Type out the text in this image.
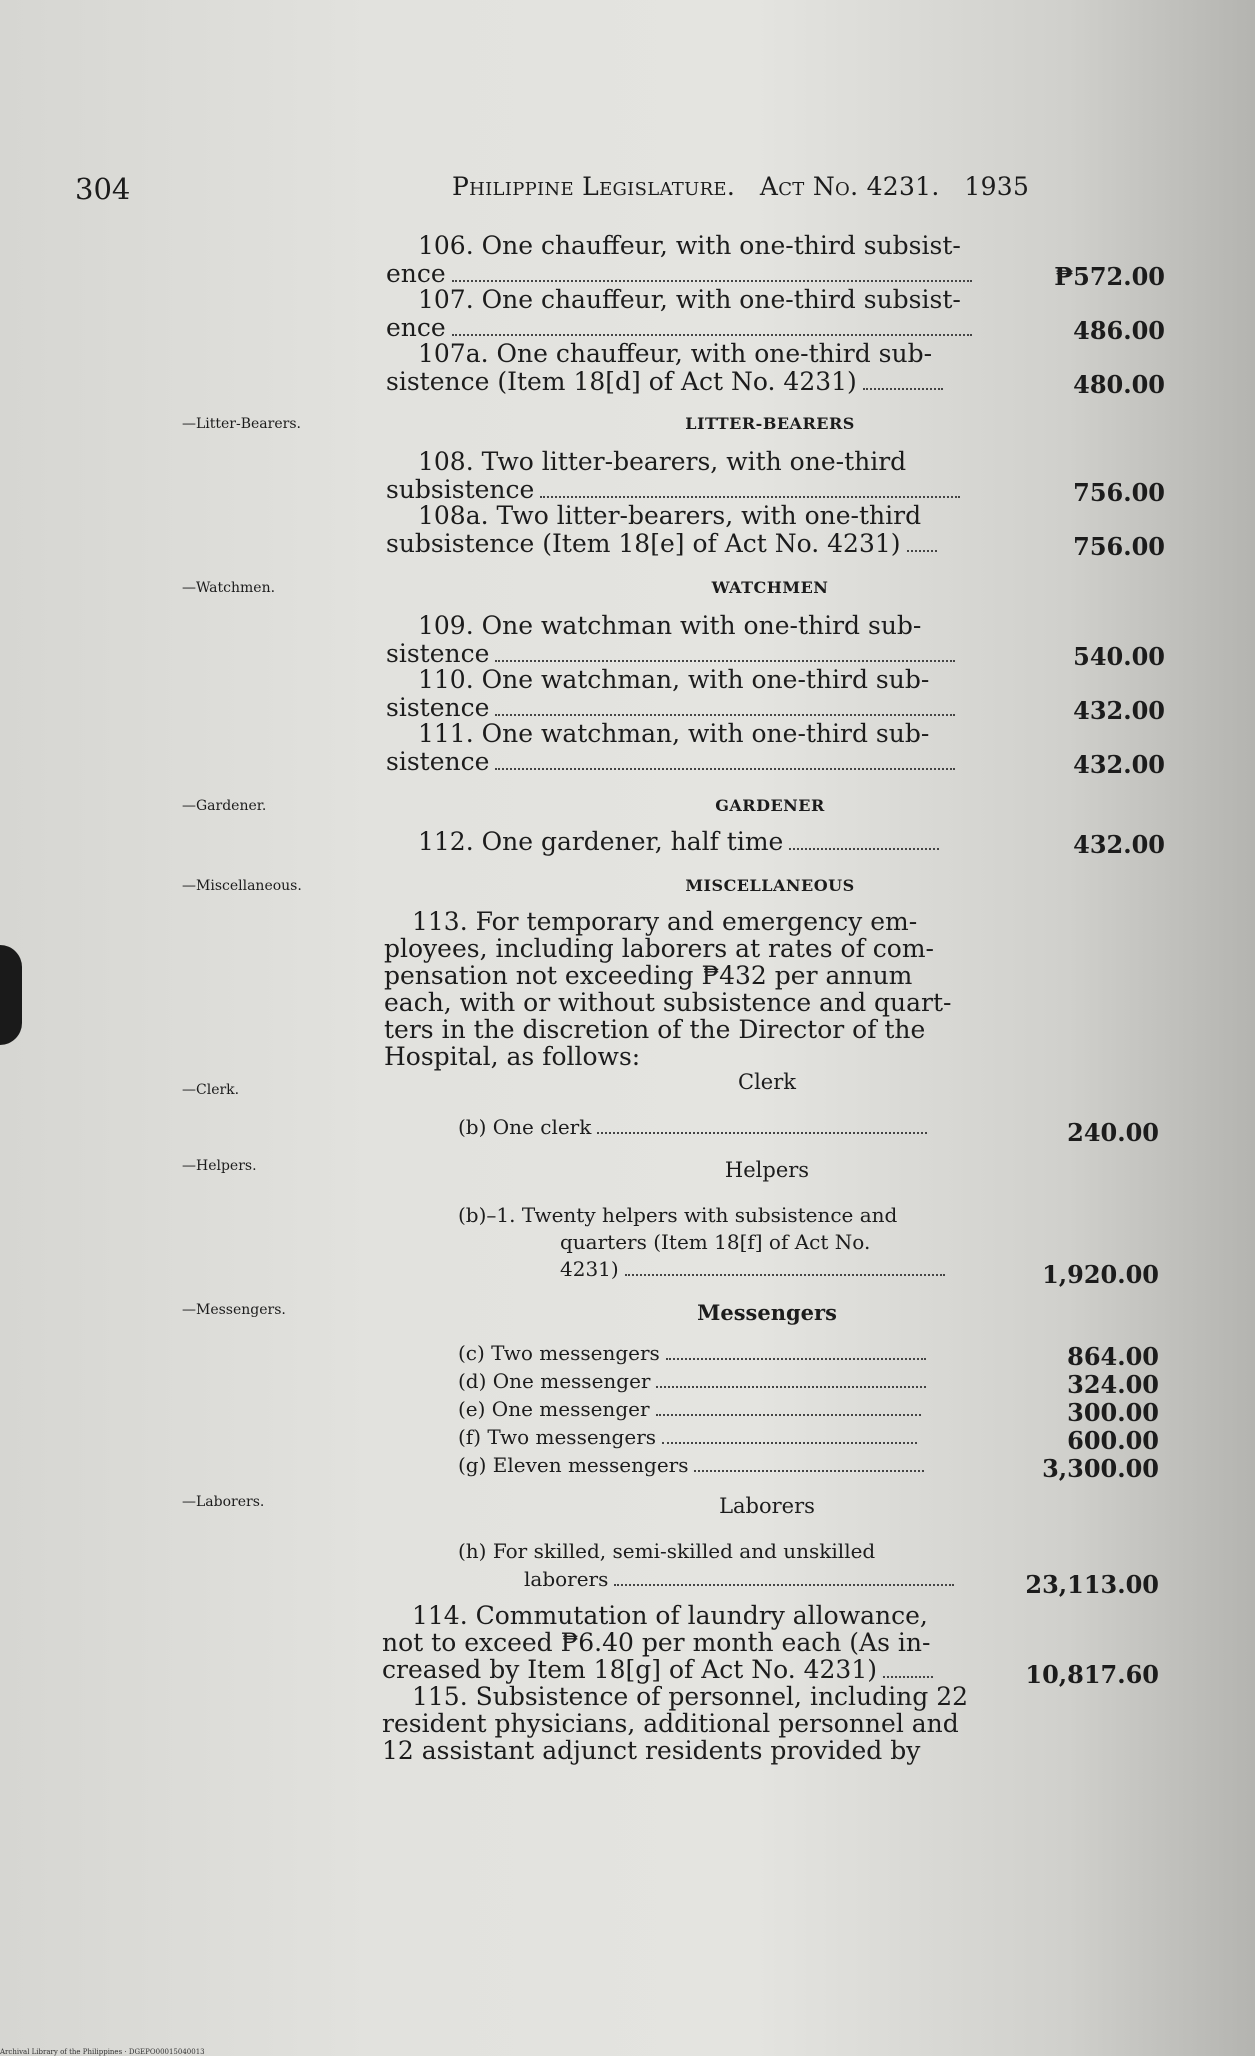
304	Philippine Legislature. Act No. 4231. 1935
106. One chauffeur, with one-third subsist-
ence	₱572.00
107. One chauffeur, with one-third subsist-
ence	486.00
107a. One chauffeur, with one-third sub-
sistence (Item 18[d] of Act No. 4231)	480.00
—Litter-Bearers.	LITTER-BEARERS
108. Two litter-bearers, with one-third
subsistence	756.00
108a. Two litter-bearers, with one-third
subsistence (Item 18[e] of Act No. 4231)	756.00
—Watchmen.	WATCHMEN
109. One watchman with one-third sub-
sistence	540.00
110. One watchman, with one-third sub-
sistence	432.00
111. One watchman, with one-third sub-
sistence	432.00
—Gardener.	GARDENER
112. One gardener, half time	432.00
—Miscellaneous.	MISCELLANEOUS
113. For temporary and emergency em-
ployees, including laborers at rates of com-
pensation not exceeding ₱432 per annum
each, with or without subsistence and quart-
ters in the discretion of the Director of the
Hospital, as follows:
—Clerk.	Clerk
(b) One clerk	240.00
—Helpers.	Helpers
(b)–1. Twenty helpers with subsistence and
quarters (Item 18[f] of Act No.
4231)	1,920.00
—Messengers.	Messengers
(c) Two messengers	864.00
(d) One messenger	324.00
(e) One messenger	300.00
(f) Two messengers	600.00
(g) Eleven messengers	3,300.00
—Laborers.	Laborers
(h) For skilled, semi-skilled and unskilled
laborers	23,113.00
114. Commutation of laundry allowance,
not to exceed ₱6.40 per month each (As in-
creased by Item 18[g] of Act No. 4231)	10,817.60
115. Subsistence of personnel, including 22
resident physicians, additional personnel and
12 assistant adjunct residents provided by
Archival Library of the Philippines · DGEPO00015040013
